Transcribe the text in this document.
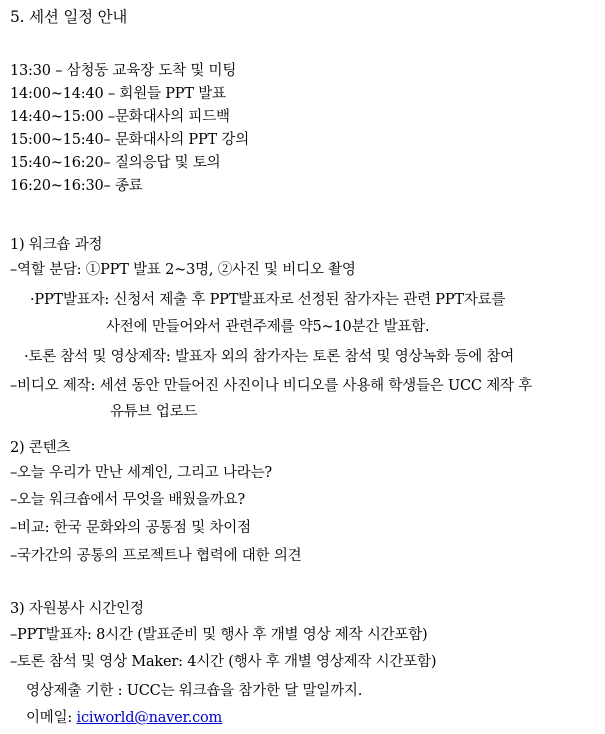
5. 세션 일정 안내
13:30 – 삼청동 교육장 도착 및 미팅
14:00~14:40 – 회원들 PPT 발표
14:40~15:00 –문화대사의 피드백
15:00~15:40– 문화대사의 PPT 강의
15:40~16:20– 질의응답 및 토의
16:20~16:30– 종료
1) 워크숍 과정
–역할 분담: ①PPT 발표 2~3명, ②사진 및 비디오 촬영
·PPT발표자: 신청서 제출 후 PPT발표자로 선정된 참가자는 관련 PPT자료를
사전에 만들어와서 관련주제를 약5~10분간 발표함.
·토론 참석 및 영상제작: 발표자 외의 참가자는 토론 참석 및 영상녹화 등에 참여
–비디오 제작: 세션 동안 만들어진 사진이나 비디오를 사용해 학생들은 UCC 제작 후
유튜브 업로드
2) 콘텐츠
–오늘 우리가 만난 세계인, 그리고 나라는?
–오늘 워크숍에서 무엇을 배웠을까요?
–비교: 한국 문화와의 공통점 및 차이점
–국가간의 공통의 프로젝트나 협력에 대한 의견
3) 자원봉사 시간인정
–PPT발표자: 8시간 (발표준비 및 행사 후 개별 영상 제작 시간포함)
–토론 참석 및 영상 Maker: 4시간 (행사 후 개별 영상제작 시간포함)
영상제출 기한 : UCC는 워크숍을 참가한 달 말일까지.
이메일: iciworld@naver.com
